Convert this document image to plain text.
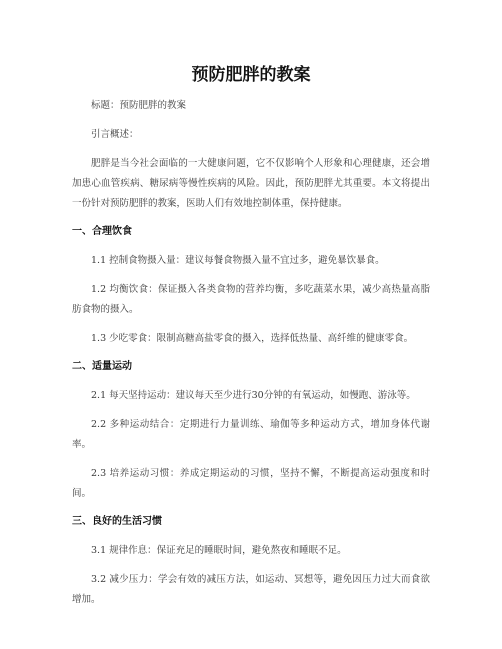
预防肥胖的教案

标题：预防肥胖的教案

引言概述：

肥胖是当今社会面临的一大健康问题，它不仅影响个人形象和心理健康，还会增加患心血管疾病、糖尿病等慢性疾病的风险。因此，预防肥胖尤其重要。本文将提出一份针对预防肥胖的教案，医助人们有效地控制体重，保持健康。

一、合理饮食

1.1 控制食物摄入量：建议每餐食物摄入量不宜过多，避免暴饮暴食。

1.2 均衡饮食：保证摄入各类食物的营养均衡，多吃蔬菜水果，减少高热量高脂肪食物的摄入。

1.3 少吃零食：限制高糖高盐零食的摄入，选择低热量、高纤维的健康零食。

二、适量运动

2.1 每天坚持运动：建议每天至少进行30分钟的有氧运动，如慢跑、游泳等。

2.2 多种运动结合：定期进行力量训练、瑜伽等多种运动方式，增加身体代谢率。

2.3 培养运动习惯：养成定期运动的习惯，坚持不懈，不断提高运动强度和时间。

三、良好的生活习惯

3.1 规律作息：保证充足的睡眠时间，避免熬夜和睡眠不足。

3.2 减少压力：学会有效的减压方法，如运动、冥想等，避免因压力过大而食欲增加。
